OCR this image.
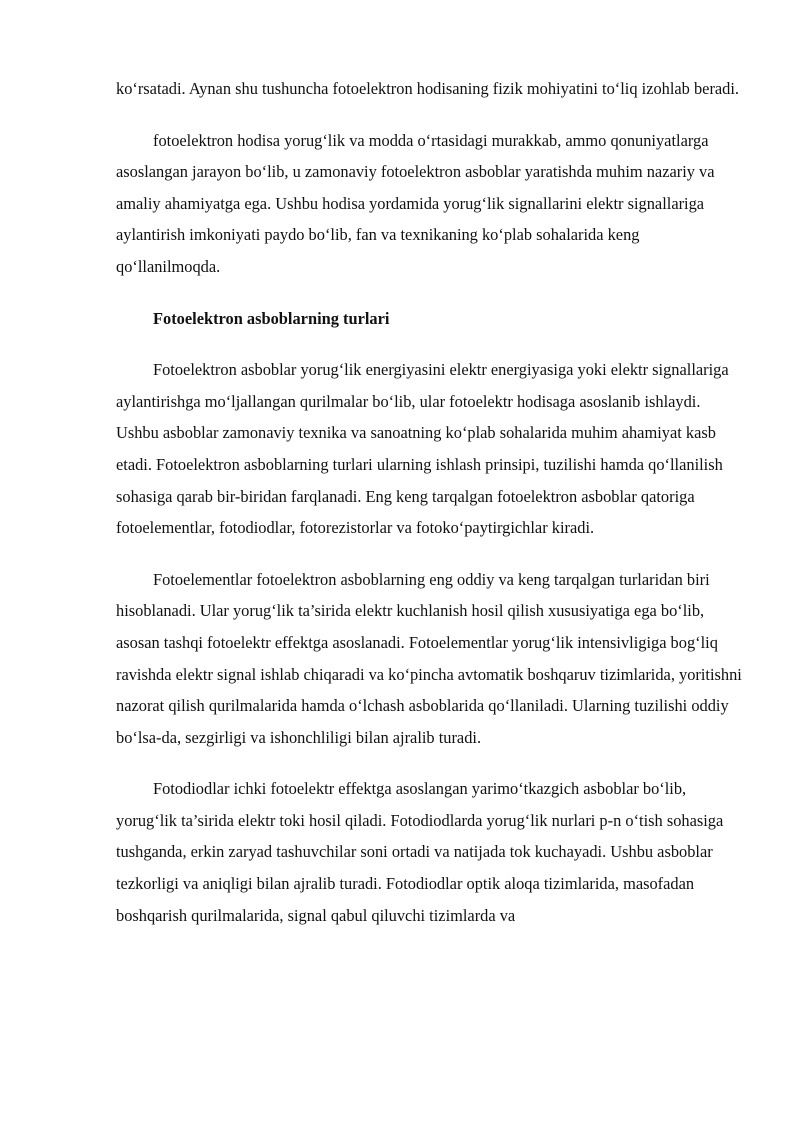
ko‘rsatadi. Aynan shu tushuncha fotoelektron hodisaning fizik mohiyatini to‘liq izohlab beradi.

fotoelektron hodisa yorug‘lik va modda o‘rtasidagi murakkab, ammo qonuniyatlarga asoslangan jarayon bo‘lib, u zamonaviy fotoelektron asboblar yaratishda muhim nazariy va amaliy ahamiyatga ega. Ushbu hodisa yordamida yorug‘lik signallarini elektr signallariga aylantirish imkoniyati paydo bo‘lib, fan va texnikaning ko‘plab sohalarida keng qo‘llanilmoqda.

Fotoelektron asboblarning turlari

Fotoelektron asboblar yorug‘lik energiyasini elektr energiyasiga yoki elektr signallariga aylantirishga mo‘ljallangan qurilmalar bo‘lib, ular fotoelektr hodisaga asoslanib ishlaydi. Ushbu asboblar zamonaviy texnika va sanoatning ko‘plab sohalarida muhim ahamiyat kasb etadi. Fotoelektron asboblarning turlari ularning ishlash prinsipi, tuzilishi hamda qo‘llanilish sohasiga qarab bir-biridan farqlanadi. Eng keng tarqalgan fotoelektron asboblar qatoriga fotoelementlar, fotodiodlar, fotorezistorlar va fotoko‘paytirgichlar kiradi.

Fotoelementlar fotoelektron asboblarning eng oddiy va keng tarqalgan turlaridan biri hisoblanadi. Ular yorug‘lik ta’sirida elektr kuchlanish hosil qilish xususiyatiga ega bo‘lib, asosan tashqi fotoelektr effektga asoslanadi. Fotoelementlar yorug‘lik intensivligiga bog‘liq ravishda elektr signal ishlab chiqaradi va ko‘pincha avtomatik boshqaruv tizimlarida, yoritishni nazorat qilish qurilmalarida hamda o‘lchash asboblarida qo‘llaniladi. Ularning tuzilishi oddiy bo‘lsa-da, sezgirligi va ishonchliligi bilan ajralib turadi.

Fotodiodlar ichki fotoelektr effektga asoslangan yarimo‘tkazgich asboblar bo‘lib, yorug‘lik ta’sirida elektr toki hosil qiladi. Fotodiodlarda yorug‘lik nurlari p-n o‘tish sohasiga tushganda, erkin zaryad tashuvchilar soni ortadi va natijada tok kuchayadi. Ushbu asboblar tezkorligi va aniqligi bilan ajralib turadi. Fotodiodlar optik aloqa tizimlarida, masofadan boshqarish qurilmalarida, signal qabul qiluvchi tizimlarda va
